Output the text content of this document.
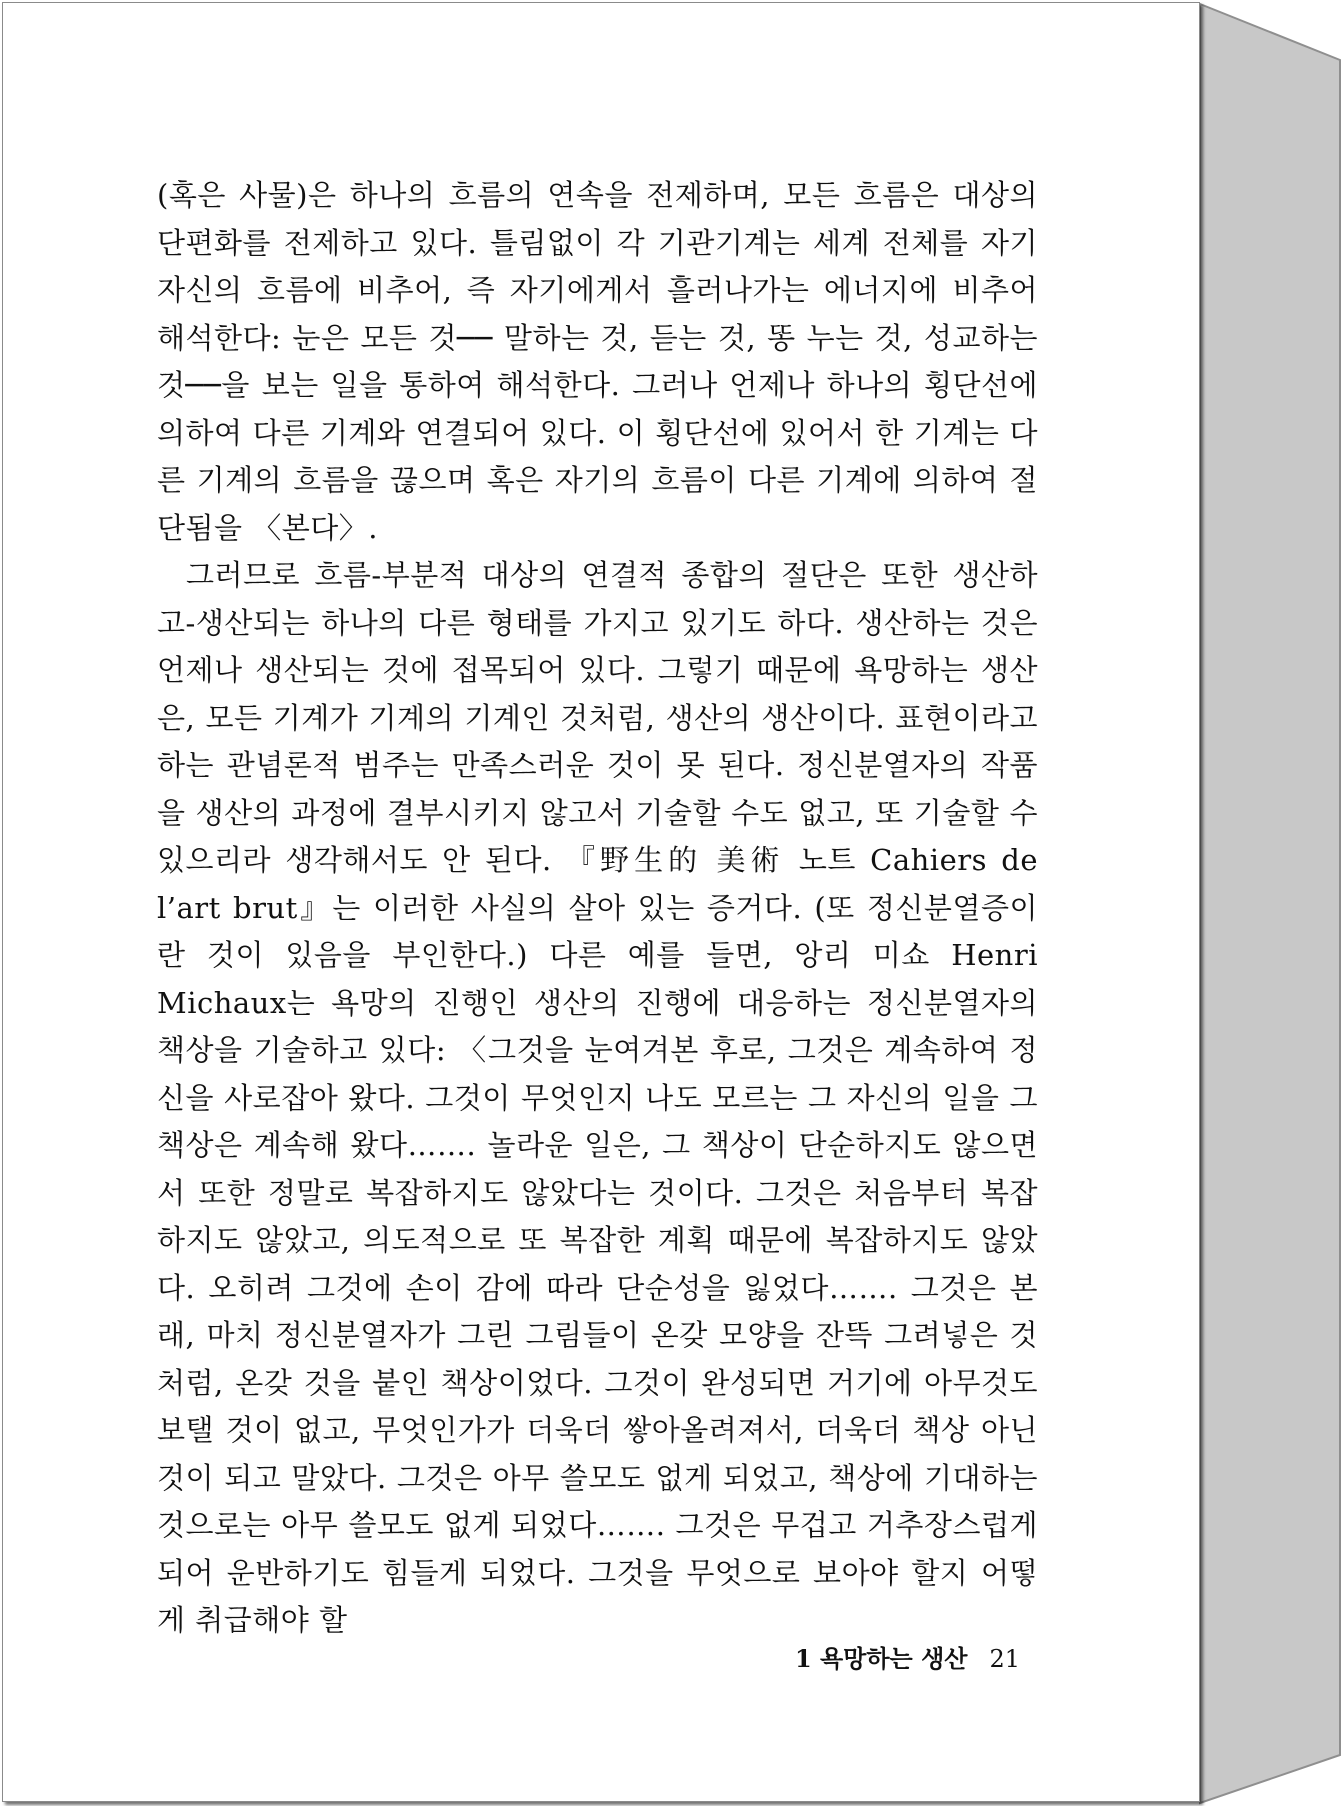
(혹은 사물)은 하나의 흐름의 연속을 전제하며, 모든 흐름은 대상의 단편화를 전제하고 있다. 틀림없이 각 기관기계는 세계 전체를 자기 자신의 흐름에 비추어, 즉 자기에게서 흘러나가는 에너지에 비추어 해석한다: 눈은 모든 것── 말하는 것, 듣는 것, 똥 누는 것, 성교하는 것──을 보는 일을 통하여 해석한다. 그러나 언제나 하나의 횡단선에 의하여 다른 기계와 연결되어 있다. 이 횡단선에 있어서 한 기계는 다른 기계의 흐름을 끊으며 혹은 자기의 흐름이 다른 기계에 의하여 절단됨을 〈본다〉.

그러므로 흐름-부분적 대상의 연결적 종합의 절단은 또한 생산하고-생산되는 하나의 다른 형태를 가지고 있기도 하다. 생산하는 것은 언제나 생산되는 것에 접목되어 있다. 그렇기 때문에 욕망하는 생산은, 모든 기계가 기계의 기계인 것처럼, 생산의 생산이다. 표현이라고 하는 관념론적 범주는 만족스러운 것이 못 된다. 정신분열자의 작품을 생산의 과정에 결부시키지 않고서 기술할 수도 없고, 또 기술할 수 있으리라 생각해서도 안 된다. 『野生的 美術 노트 Cahiers de l’art brut』는 이러한 사실의 살아 있는 증거다. (또 정신분열증이란 것이 있음을 부인한다.) 다른 예를 들면, 앙리 미쇼 Henri Michaux는 욕망의 진행인 생산의 진행에 대응하는 정신분열자의 책상을 기술하고 있다: 〈그것을 눈여겨본 후로, 그것은 계속하여 정신을 사로잡아 왔다. 그것이 무엇인지 나도 모르는 그 자신의 일을 그 책상은 계속해 왔다……. 놀라운 일은, 그 책상이 단순하지도 않으면서 또한 정말로 복잡하지도 않았다는 것이다. 그것은 처음부터 복잡하지도 않았고, 의도적으로 또 복잡한 계획 때문에 복잡하지도 않았다. 오히려 그것에 손이 감에 따라 단순성을 잃었다……. 그것은 본래, 마치 정신분열자가 그린 그림들이 온갖 모양을 잔뜩 그려넣은 것처럼, 온갖 것을 붙인 책상이었다. 그것이 완성되면 거기에 아무것도 보탤 것이 없고, 무엇인가가 더욱더 쌓아올려져서, 더욱더 책상 아닌 것이 되고 말았다. 그것은 아무 쓸모도 없게 되었고, 책상에 기대하는 것으로는 아무 쓸모도 없게 되었다……. 그것은 무겁고 거추장스럽게 되어 운반하기도 힘들게 되었다. 그것을 무엇으로 보아야 할지 어떻게 취급해야 할

1 욕망하는 생산 21
